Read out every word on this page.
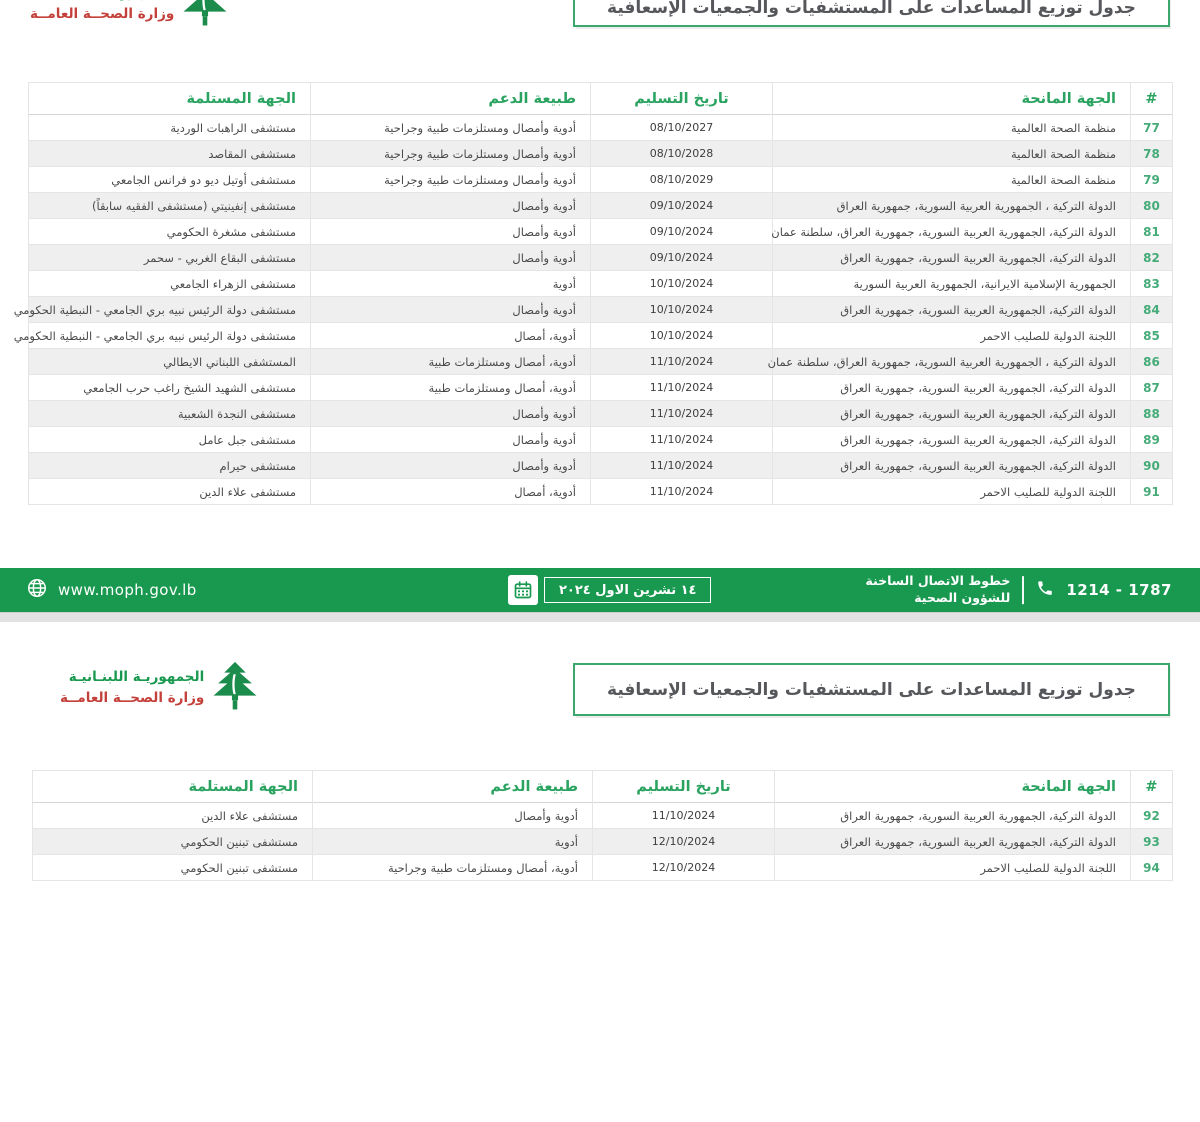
وزارة الصحــة العامــة	جدول توزيع المساعدات على المستشفيات والجمعيات الإسعافية
#	الجهة المانحة	تاريخ التسليم	طبيعة الدعم	الجهة المستلمة
77	منظمة الصحة العالمية	08/10/2027	أدوية وأمصال ومستلزمات طبية وجراحية	مستشفى الراهبات الوردية
78	منظمة الصحة العالمية	08/10/2028	أدوية وأمصال ومستلزمات طبية وجراحية	مستشفى المقاصد
79	منظمة الصحة العالمية	08/10/2029	أدوية وأمصال ومستلزمات طبية وجراحية	مستشفى أوتيل ديو دو فرانس الجامعي
80	الدولة التركية ، الجمهورية العربية السورية، جمهورية العراق	09/10/2024	أدوية وأمصال	مستشفى إنفينيتي (مستشفى الفقيه سابقاً)
81	الدولة التركية، الجمهورية العربية السورية، جمهورية العراق، سلطنة عمان	09/10/2024	أدوية وأمصال	مستشفى مشغرة الحكومي
82	الدولة التركية، الجمهورية العربية السورية، جمهورية العراق	09/10/2024	أدوية وأمصال	مستشفى البقاع الغربي - سحمر
83	الجمهورية الإسلامية الايرانية، الجمهورية العربية السورية	10/10/2024	أدوية	مستشفى الزهراء الجامعي
84	الدولة التركية، الجمهورية العربية السورية، جمهورية العراق	10/10/2024	أدوية وأمصال	مستشفى دولة الرئيس نبيه بري الجامعي - النبطية الحكومي
85	اللجنة الدولية للصليب الاحمر	10/10/2024	أدوية، أمصال	مستشفى دولة الرئيس نبيه بري الجامعي - النبطية الحكومي
86	الدولة التركية ، الجمهورية العربية السورية، جمهورية العراق، سلطنة عمان	11/10/2024	أدوية، أمصال ومستلزمات طبية	المستشفى اللبناني الايطالي
87	الدولة التركية، الجمهورية العربية السورية، جمهورية العراق	11/10/2024	أدوية، أمصال ومستلزمات طبية	مستشفى الشهيد الشيخ راغب حرب الجامعي
88	الدولة التركية، الجمهورية العربية السورية، جمهورية العراق	11/10/2024	أدوية وأمصال	مستشفى النجدة الشعبية
89	الدولة التركية، الجمهورية العربية السورية، جمهورية العراق	11/10/2024	أدوية وأمصال	مستشفى جبل عامل
90	الدولة التركية، الجمهورية العربية السورية، جمهورية العراق	11/10/2024	أدوية وأمصال	مستشفى حيرام
91	اللجنة الدولية للصليب الاحمر	11/10/2024	أدوية، أمصال	مستشفى علاء الدين
www.moph.gov.lb	١٤ تشرين الاول ٢٠٢٤
خطوط الاتصال الساخنة
للشؤون الصحية	1214 - 1787
الجمهوريـة اللبنـانيـة
وزارة الصحــة العامــة	جدول توزيع المساعدات على المستشفيات والجمعيات الإسعافية
#	الجهة المانحة	تاريخ التسليم	طبيعة الدعم	الجهة المستلمة
92	الدولة التركية، الجمهورية العربية السورية، جمهورية العراق	11/10/2024	أدوية وأمصال	مستشفى علاء الدين
93	الدولة التركية، الجمهورية العربية السورية، جمهورية العراق	12/10/2024	أدوية	مستشفى تبنين الحكومي
94	اللجنة الدولية للصليب الاحمر	12/10/2024	أدوية، أمصال ومستلزمات طبية وجراحية	مستشفى تبنين الحكومي
